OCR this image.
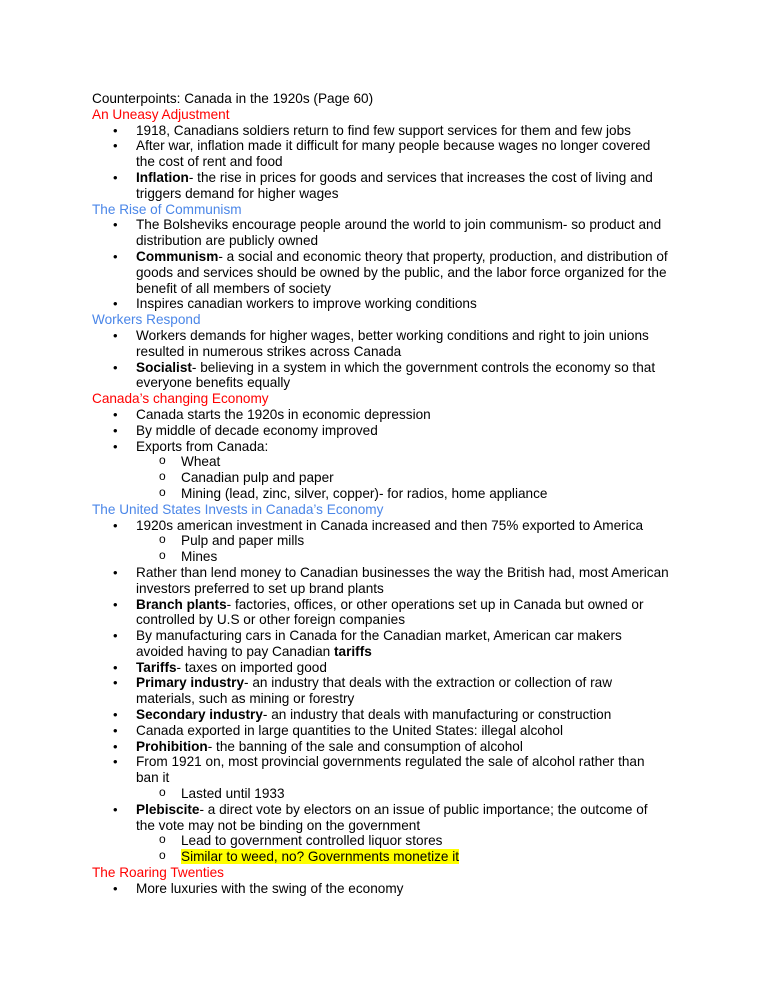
Counterpoints: Canada in the 1920s (Page 60)
An Uneasy Adjustment
• 1918, Canadians soldiers return to find few support services for them and few jobs
• After war, inflation made it difficult for many people because wages no longer covered
the cost of rent and food
• Inflation- the rise in prices for goods and services that increases the cost of living and
triggers demand for higher wages
The Rise of Communism
• The Bolsheviks encourage people around the world to join communism- so product and
distribution are publicly owned
• Communism- a social and economic theory that property, production, and distribution of
goods and services should be owned by the public, and the labor force organized for the
benefit of all members of society
• Inspires canadian workers to improve working conditions
Workers Respond
• Workers demands for higher wages, better working conditions and right to join unions
resulted in numerous strikes across Canada
• Socialist- believing in a system in which the government controls the economy so that
everyone benefits equally
Canada’s changing Economy
• Canada starts the 1920s in economic depression
• By middle of decade economy improved
• Exports from Canada:
o Wheat
o Canadian pulp and paper
o Mining (lead, zinc, silver, copper)- for radios, home appliance
The United States Invests in Canada’s Economy
• 1920s american investment in Canada increased and then 75% exported to America
o Pulp and paper mills
o Mines
• Rather than lend money to Canadian businesses the way the British had, most American
investors preferred to set up brand plants
• Branch plants- factories, offices, or other operations set up in Canada but owned or
controlled by U.S or other foreign companies
• By manufacturing cars in Canada for the Canadian market, American car makers
avoided having to pay Canadian tariffs
• Tariffs- taxes on imported good
• Primary industry- an industry that deals with the extraction or collection of raw
materials, such as mining or forestry
• Secondary industry- an industry that deals with manufacturing or construction
• Canada exported in large quantities to the United States: illegal alcohol
• Prohibition- the banning of the sale and consumption of alcohol
• From 1921 on, most provincial governments regulated the sale of alcohol rather than
ban it
o Lasted until 1933
• Plebiscite- a direct vote by electors on an issue of public importance; the outcome of
the vote may not be binding on the government
o Lead to government controlled liquor stores
o Similar to weed, no? Governments monetize it
The Roaring Twenties
• More luxuries with the swing of the economy
